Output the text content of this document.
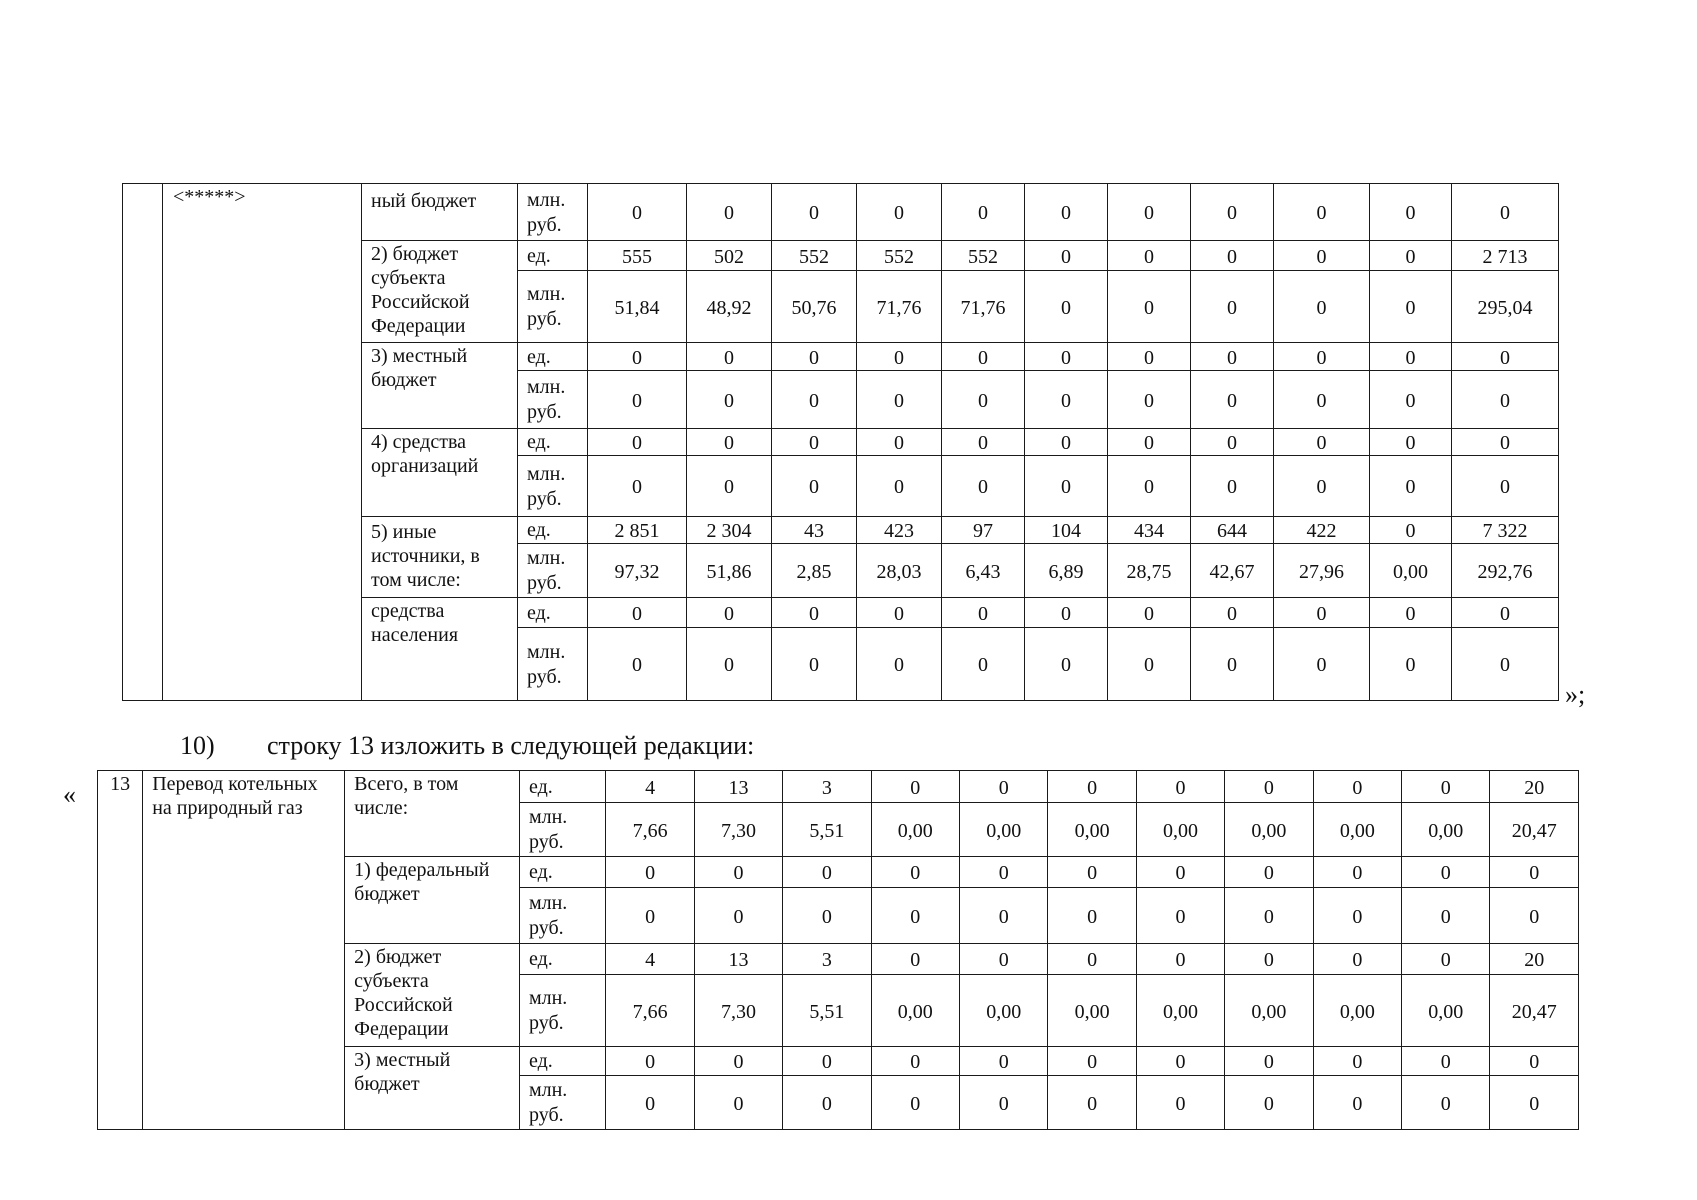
	<*****>	ный бюджет	млн. руб.	0	0	0	0	0	0	0	0	0	0	0
		2) бюджет субъекта Российской Федерации	ед.	555	502	552	552	552	0	0	0	0	0	2 713
			млн. руб.	51,84	48,92	50,76	71,76	71,76	0	0	0	0	0	295,04
		3) местный бюджет	ед.	0	0	0	0	0	0	0	0	0	0	0
			млн. руб.	0	0	0	0	0	0	0	0	0	0	0
		4) средства организаций	ед.	0	0	0	0	0	0	0	0	0	0	0
			млн. руб.	0	0	0	0	0	0	0	0	0	0	0
		5) иные источники, в том числе:	ед.	2 851	2 304	43	423	97	104	434	644	422	0	7 322
			млн. руб.	97,32	51,86	2,85	28,03	6,43	6,89	28,75	42,67	27,96	0,00	292,76
		средства населения	ед.	0	0	0	0	0	0	0	0	0	0	0
			млн. руб.	0	0	0	0	0	0	0	0	0	0	0
»;
10) строку 13 изложить в следующей редакции:
« 13	Перевод котельных на природный газ	Всего, в том числе:	ед.	4	13	3	0	0	0	0	0	0	0	20
			млн. руб.	7,66	7,30	5,51	0,00	0,00	0,00	0,00	0,00	0,00	0,00	20,47
		1) федеральный бюджет	ед.	0	0	0	0	0	0	0	0	0	0	0
			млн. руб.	0	0	0	0	0	0	0	0	0	0	0
		2) бюджет субъекта Российской Федерации	ед.	4	13	3	0	0	0	0	0	0	0	20
			млн. руб.	7,66	7,30	5,51	0,00	0,00	0,00	0,00	0,00	0,00	0,00	20,47
		3) местный бюджет	ед.	0	0	0	0	0	0	0	0	0	0	0
			млн. руб.	0	0	0	0	0	0	0	0	0	0	0
